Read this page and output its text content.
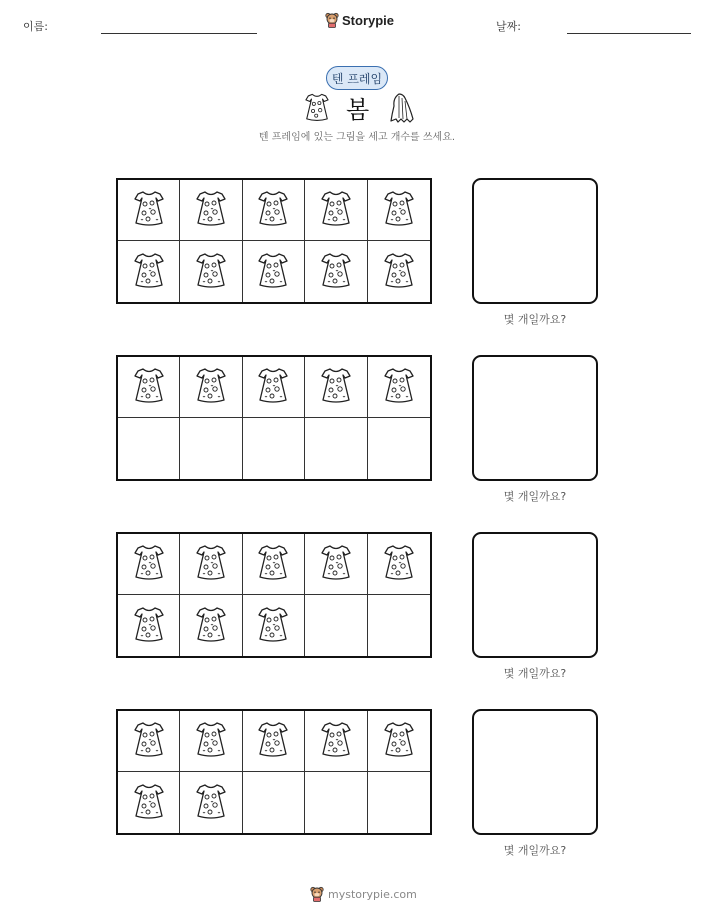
이름:	Storypie	날짜:
텐 프레임
봄
텐 프레임에 있는 그림을 세고 개수를 쓰세요.
몇 개일까요?
몇 개일까요?
몇 개일까요?
몇 개일까요?
mystorypie.com
